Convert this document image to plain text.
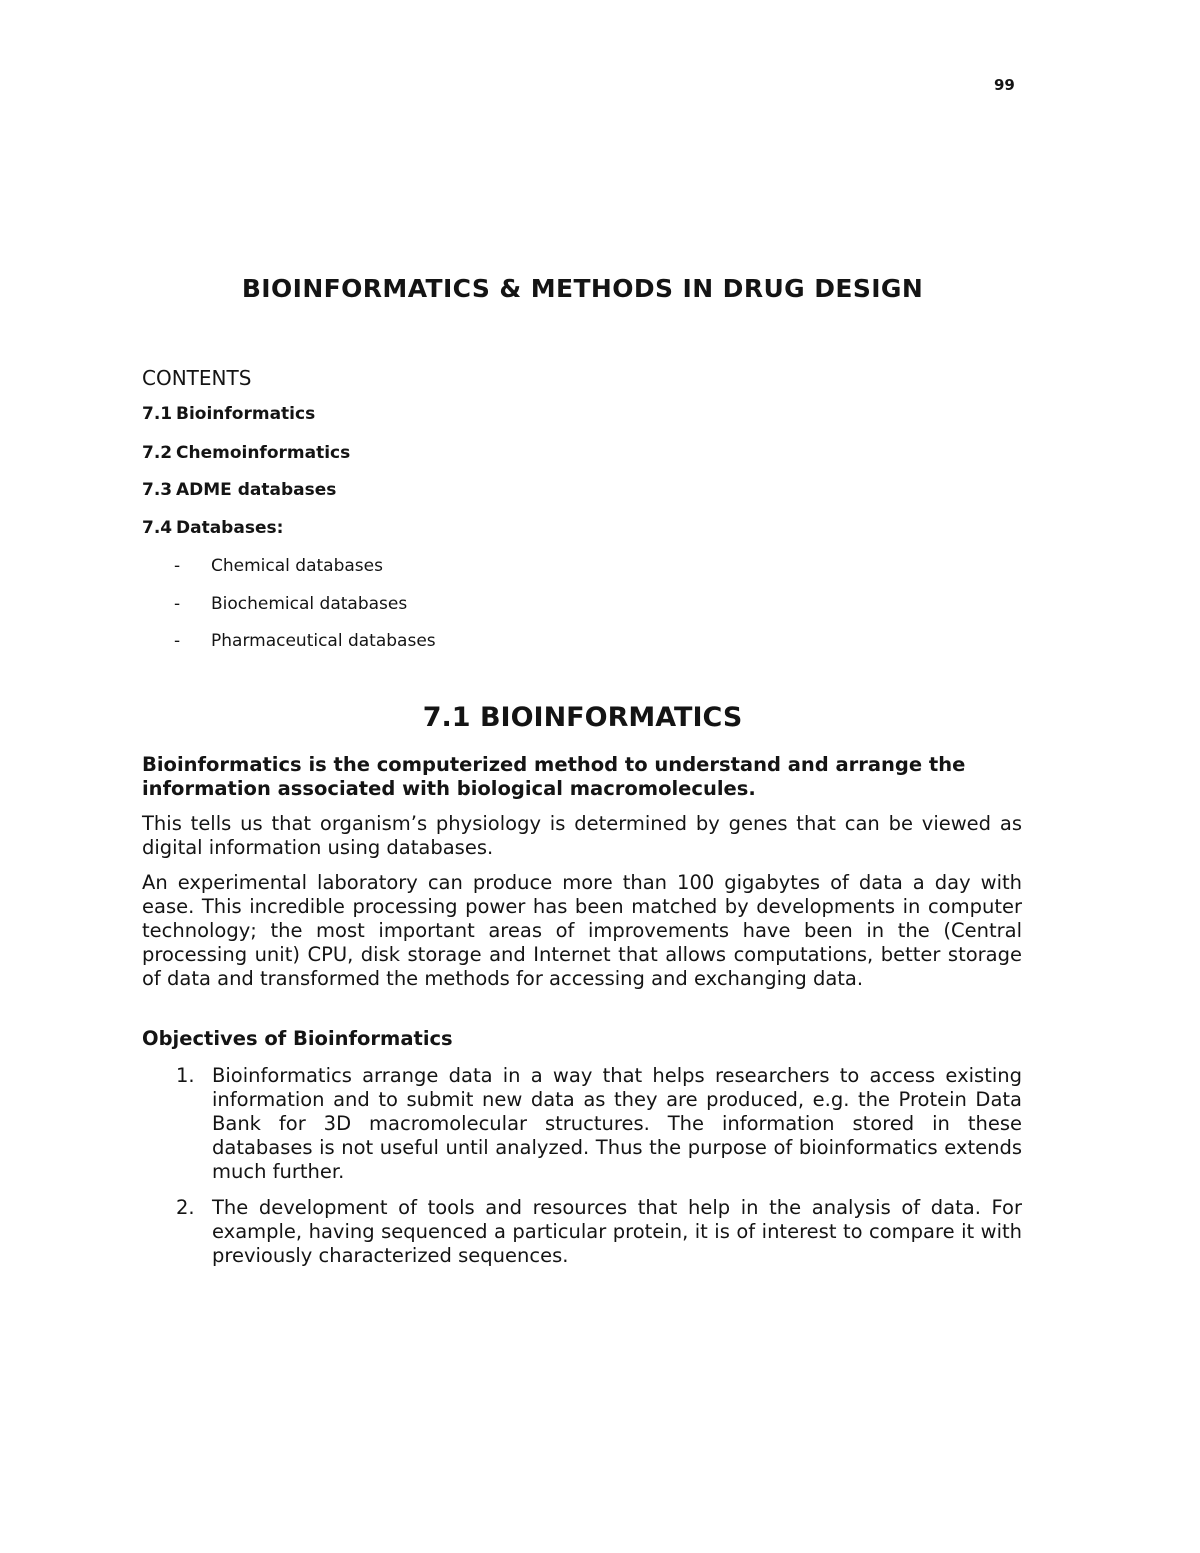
99
BIOINFORMATICS & METHODS IN DRUG DESIGN
CONTENTS
7.1 Bioinformatics
7.2 Chemoinformatics
7.3 ADME databases
7.4 Databases:
- Chemical databases
- Biochemical databases
- Pharmaceutical databases
7.1 BIOINFORMATICS

Bioinformatics is the computerized method to understand and arrange the information associated with biological macromolecules.

This tells us that organism’s physiology is determined by genes that can be viewed as digital information using databases.

An experimental laboratory can produce more than 100 gigabytes of data a day with ease. This incredible processing power has been matched by developments in computer technology; the most important areas of improvements have been in the (Central processing unit) CPU, disk storage and Internet that allows computations, better storage of data and transformed the methods for accessing and exchanging data.

Objectives of Bioinformatics
1. Bioinformatics arrange data in a way that helps researchers to access existing information and to submit new data as they are produced, e.g. the Protein Data Bank for 3D macromolecular structures. The information stored in these databases is not useful until analyzed. Thus the purpose of bioinformatics extends much further.
2. The development of tools and resources that help in the analysis of data. For example, having sequenced a particular protein, it is of interest to compare it with previously characterized sequences.
